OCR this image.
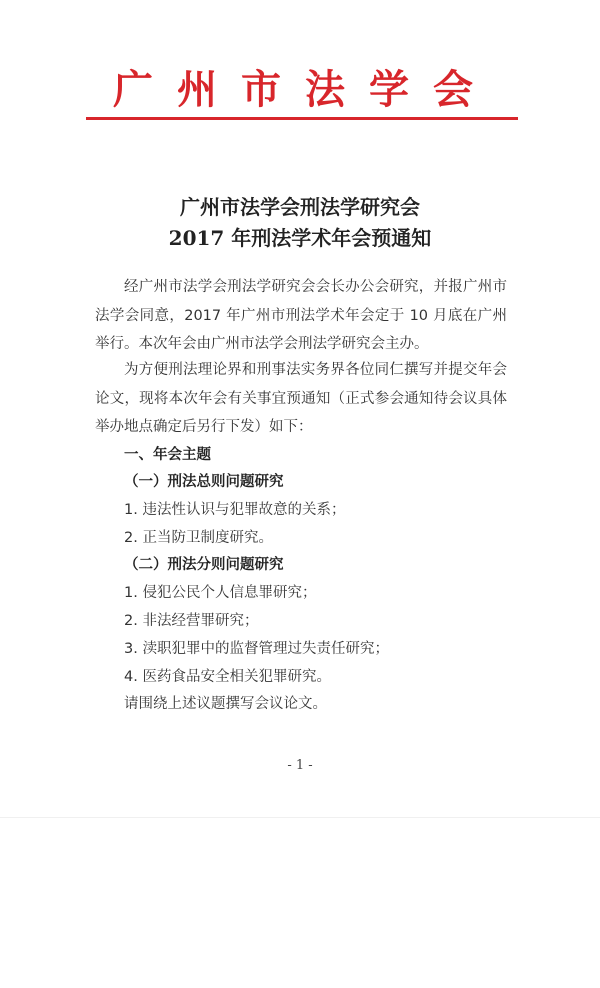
广州市法学会
广州市法学会刑法学研究会
2017 年刑法学术年会预通知

经广州市法学会刑法学研究会会长办公会研究，并报广州市法学会同意，2017 年广州市刑法学术年会定于 10 月底在广州举行。本次年会由广州市法学会刑法学研究会主办。

为方便刑法理论界和刑事法实务界各位同仁撰写并提交年会论文，现将本次年会有关事宜预通知（正式参会通知待会议具体举办地点确定后另行下发）如下：

一、年会主题
（一）刑法总则问题研究
1. 违法性认识与犯罪故意的关系；
2. 正当防卫制度研究。
（二）刑法分则问题研究
1. 侵犯公民个人信息罪研究；
2. 非法经营罪研究；
3. 渎职犯罪中的监督管理过失责任研究；
4. 医药食品安全相关犯罪研究。
请围绕上述议题撰写会议论文。
- 1 -
